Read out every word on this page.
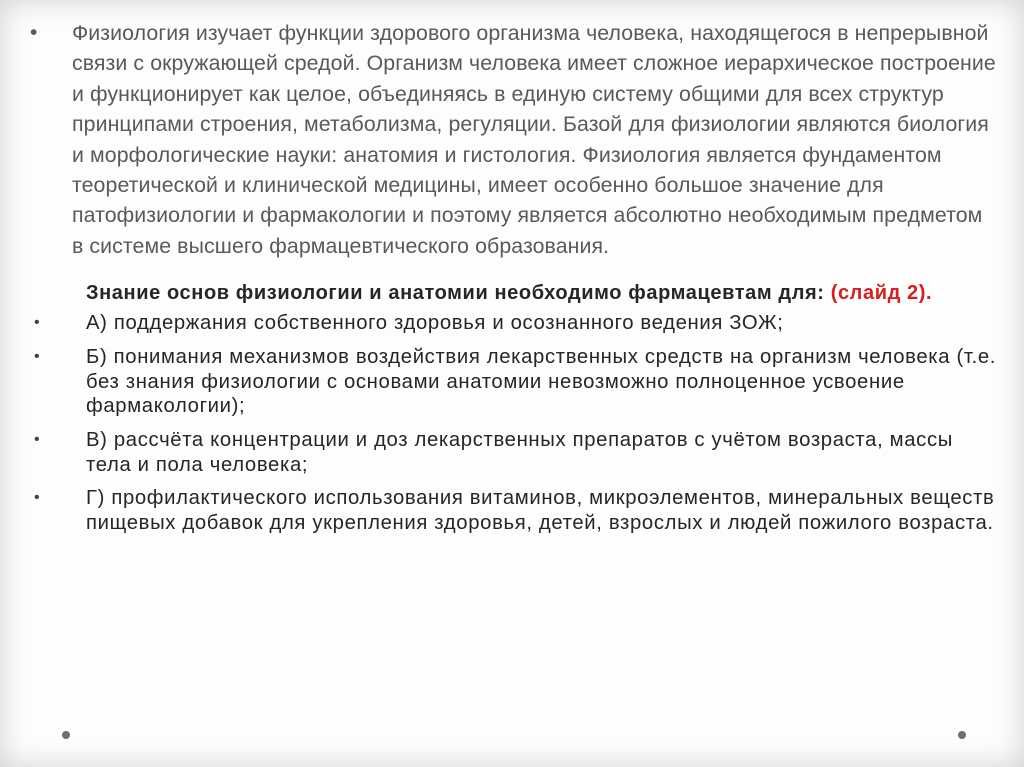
• Физиология изучает функции здорового организма человека, находящегося в непрерывной связи с окружающей средой. Организм человека имеет сложное иерархическое построение и функционирует как целое, объединяясь в единую систему общими для всех структур принципами строения, метаболизма, регуляции. Базой для физиологии являются биология и морфологические науки: анатомия и гистология. Физиология является фундаментом теоретической и клинической медицины, имеет особенно большое значение для патофизиологии и фармакологии и поэтому является абсолютно необходимым предметом в системе высшего фармацевтического образования.
Знание основ физиологии и анатомии необходимо фармацевтам для: (слайд 2).
• А) поддержания собственного здоровья и осознанного ведения ЗОЖ;
• Б) понимания механизмов воздействия лекарственных средств на организм человека (т.е. без знания физиологии с основами анатомии невозможно полноценное усвоение фармакологии);
• В) рассчёта концентрации и доз лекарственных препаратов с учётом возраста, массы тела и пола человека;
• Г) профилактического использования витаминов, микроэлементов, минеральных веществ пищевых добавок для укрепления здоровья, детей, взрослых и людей пожилого возраста.
